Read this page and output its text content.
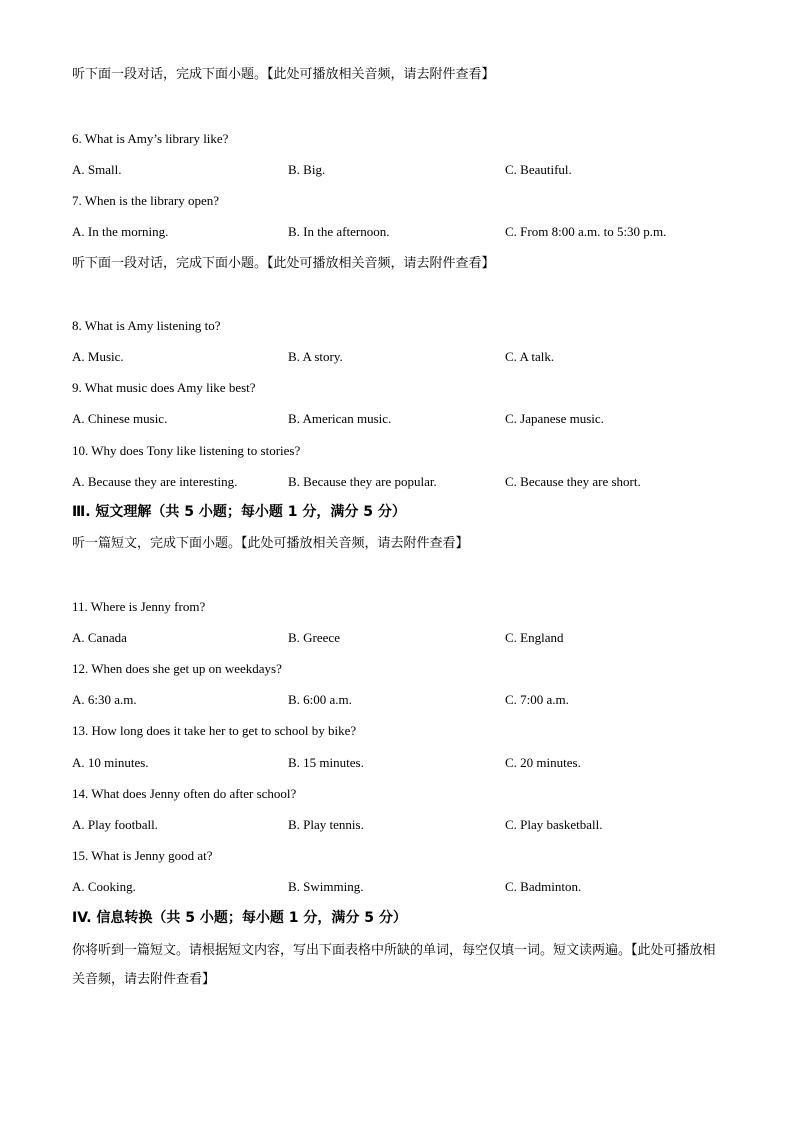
听下面一段对话，完成下面小题。【此处可播放相关音频，请去附件查看】
6. What is Amy’s library like?
A. Small.	B. Big.	C. Beautiful.
7. When is the library open?
A. In the morning.	B. In the afternoon.	C. From 8:00 a.m. to 5:30 p.m.
听下面一段对话，完成下面小题。【此处可播放相关音频，请去附件查看】
8. What is Amy listening to?
A. Music.	B. A story.	C. A talk.
9. What music does Amy like best?
A. Chinese music.	B. American music.	C. Japanese music.
10. Why does Tony like listening to stories?
A. Because they are interesting.	B. Because they are popular.	C. Because they are short.
Ⅲ. 短文理解（共 5 小题；每小题 1 分，满分 5 分）
听一篇短文，完成下面小题。【此处可播放相关音频，请去附件查看】
11. Where is Jenny from?
A. Canada	B. Greece	C. England
12. When does she get up on weekdays?
A. 6:30 a.m.	B. 6:00 a.m.	C. 7:00 a.m.
13. How long does it take her to get to school by bike?
A. 10 minutes.	B. 15 minutes.	C. 20 minutes.
14. What does Jenny often do after school?
A. Play football.	B. Play tennis.	C. Play basketball.
15. What is Jenny good at?
A. Cooking.	B. Swimming.	C. Badminton.
IV. 信息转换（共 5 小题；每小题 1 分，满分 5 分）
你将听到一篇短文。请根据短文内容，写出下面表格中所缺的单词，每空仅填一词。短文读两遍。【此处可播放相关音频，请去附件查看】
